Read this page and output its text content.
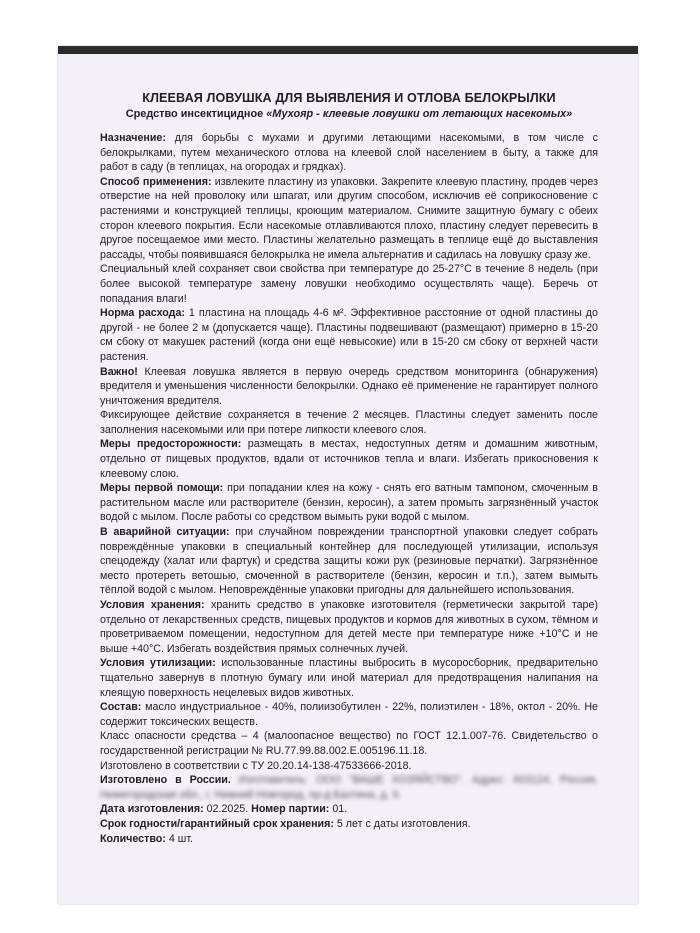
КЛЕЕВАЯ ЛОВУШКА ДЛЯ ВЫЯВЛЕНИЯ И ОТЛОВА БЕЛОКРЫЛКИ
Средство инсектицидное «Мухояр - клеевые ловушки от летающих насекомых»

Назначение: для борьбы с мухами и другими летающими насекомыми, в том числе с белокрылками, путем механического отлова на клеевой слой населением в быту, а также для работ в саду (в теплицах, на огородах и грядках).

Способ применения: извлеките пластину из упаковки. Закрепите клеевую пластину, продев через отверстие на ней проволоку или шпагат, или другим способом, исключив её соприкосновение с растениями и конструкцией теплицы, кроющим материалом. Снимите защитную бумагу с обеих сторон клеевого покрытия. Если насекомые отлавливаются плохо, пластину следует перевесить в другое посещаемое ими место. Пластины желательно размещать в теплице ещё до выставления рассады, чтобы появившаяся белокрылка не имела альтернатив и садилась на ловушку сразу же.

Специальный клей сохраняет свои свойства при температуре до 25-27°С в течение 8 недель (при более высокой температуре замену ловушки необходимо осуществлять чаще). Беречь от попадания влаги!

Норма расхода: 1 пластина на площадь 4-6 м². Эффективное расстояние от одной пластины до другой - не более 2 м (допускается чаще). Пластины подвешивают (размещают) примерно в 15-20 см сбоку от макушек растений (когда они ещё невысокие) или в 15-20 см сбоку от верхней части растения.

Важно! Клеевая ловушка является в первую очередь средством мониторинга (обнаружения) вредителя и уменьшения численности белокрылки. Однако её применение не гарантирует полного уничтожения вредителя.

Фиксирующее действие сохраняется в течение 2 месяцев. Пластины следует заменить после заполнения насекомыми или при потере липкости клеевого слоя.

Меры предосторожности: размещать в местах, недоступных детям и домашним животным, отдельно от пищевых продуктов, вдали от источников тепла и влаги. Избегать прикосновения к клеевому слою.

Меры первой помощи: при попадании клея на кожу - снять его ватным тампоном, смоченным в растительном масле или растворителе (бензин, керосин), а затем промыть загрязнённый участок водой с мылом. После работы со средством вымыть руки водой с мылом.

В аварийной ситуации: при случайном повреждении транспортной упаковки следует собрать повреждённые упаковки в специальный контейнер для последующей утилизации, используя спецодежду (халат или фартук) и средства защиты кожи рук (резиновые перчатки). Загрязнённое место протереть ветошью, смоченной в растворителе (бензин, керосин и т.п.), затем вымыть тёплой водой с мылом. Неповреждённые упаковки пригодны для дальнейшего использования.

Условия хранения: хранить средство в упаковке изготовителя (герметически закрытой таре) отдельно от лекарственных средств, пищевых продуктов и кормов для животных в сухом, тёмном и проветриваемом помещении, недоступном для детей месте при температуре ниже +10°С и не выше +40°С. Избегать воздействия прямых солнечных лучей.

Условия утилизации: использованные пластины выбросить в мусоросборник, предварительно тщательно завернув в плотную бумагу или иной материал для предотвращения налипания на клеящую поверхность нецелевых видов животных.

Состав: масло индустриальное - 40%, полиизобутилен - 22%, полиэтилен - 18%, октол - 20%. Не содержит токсических веществ.

Класс опасности средства – 4 (малоопасное вещество) по ГОСТ 12.1.007-76. Свидетельство о государственной регистрации № RU.77.99.88.002.Е.005196.11.18.

Изготовлено в соответствии с ТУ 20.20.14-138-47533666-2018.

Изготовлено в России. Изготовитель: ООО "ВАШЕ ХОЗЯЙСТВО". Адрес: 603124, Россия, Нижегородская обл., г. Нижний Новгород, пр-д Бахтина, д. 9.

Дата изготовления: 02.2025. Номер партии: 01.

Срок годности/гарантийный срок хранения: 5 лет с даты изготовления.

Количество: 4 шт.
